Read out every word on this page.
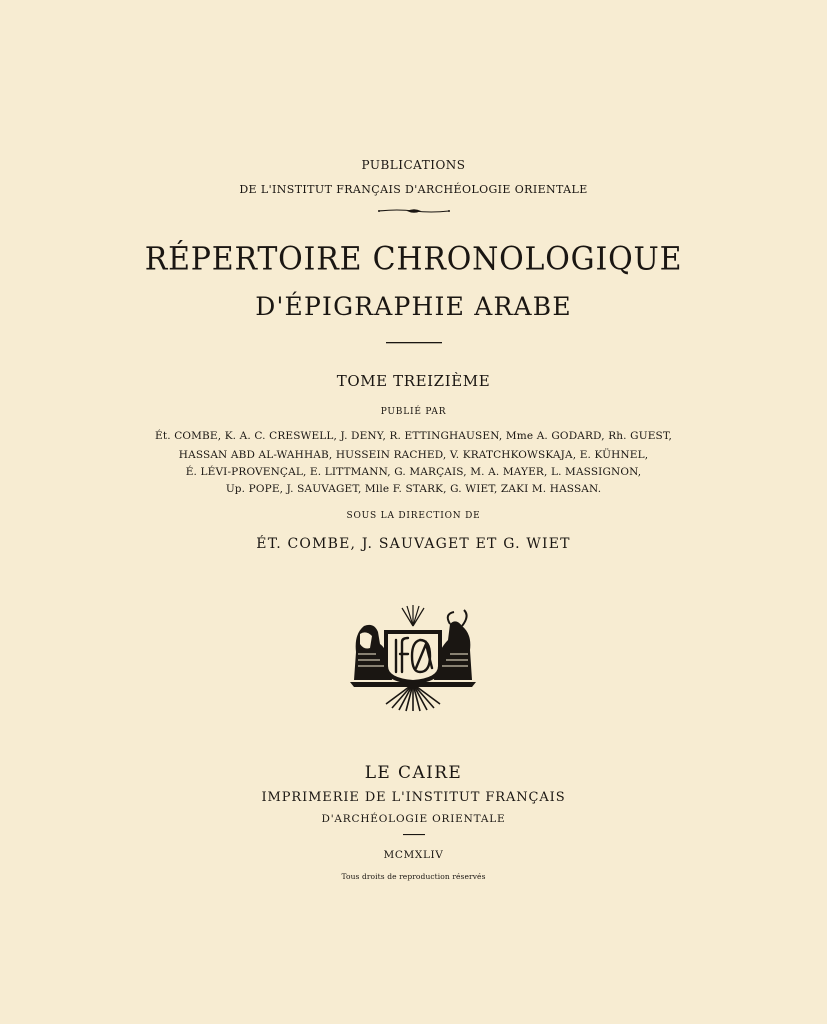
PUBLICATIONS
DE L'INSTITUT FRANÇAIS D'ARCHÉOLOGIE ORIENTALE
RÉPERTOIRE CHRONOLOGIQUE
D'ÉPIGRAPHIE ARABE
TOME TREIZIÈME
PUBLIÉ PAR
Ét. COMBE, K. A. C. CRESWELL, J. DENY, R. ETTINGHAUSEN, Mme A. GODARD, Rh. GUEST,
HASSAN ABD AL-WAHHAB, HUSSEIN RACHED, V. KRATCHKOWSKAJA, E. KÜHNEL,
É. LÉVI-PROVENÇAL, E. LITTMANN, G. MARÇAIS, M. A. MAYER, L. MASSIGNON,
Up. POPE, J. SAUVAGET, Mlle F. STARK, G. WIET, ZAKI M. HASSAN.
SOUS LA DIRECTION DE
ÉT. COMBE, J. SAUVAGET ET G. WIET
LE CAIRE
IMPRIMERIE DE L'INSTITUT FRANÇAIS
D'ARCHÉOLOGIE ORIENTALE
MCMXLIV
Tous droits de reproduction réservés
